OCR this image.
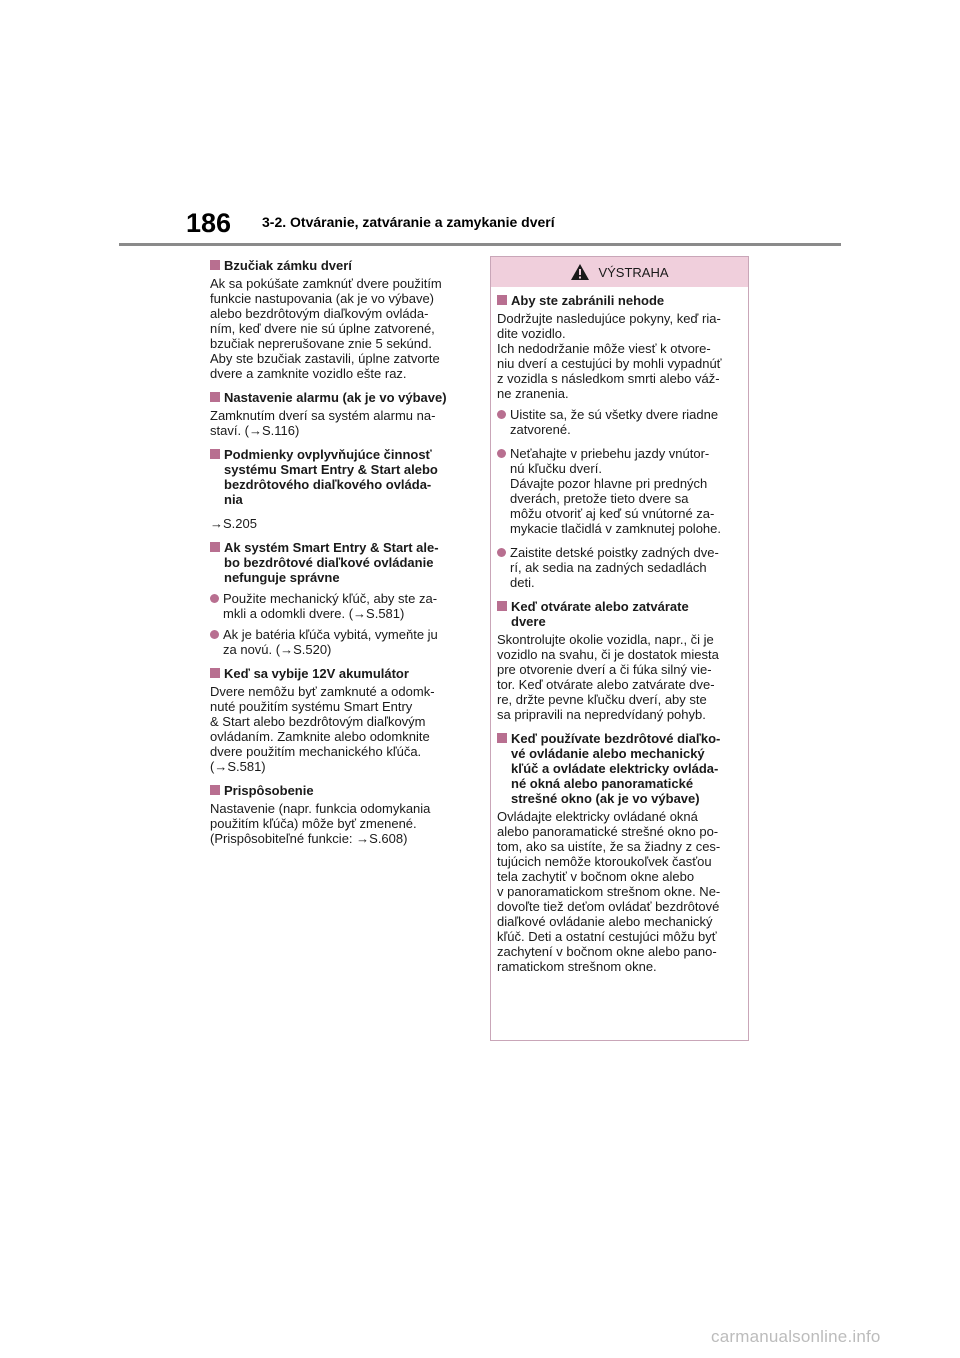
186 3-2. Otváranie, zatváranie a zamykanie dverí
Bzučiak zámku dverí
Ak sa pokúšate zamknúť dvere použitím
funkcie nastupovania (ak je vo výbave)
alebo bezdrôtovým diaľkovým ovláda-
ním, keď dvere nie sú úplne zatvorené,
bzučiak neprerušovane znie 5 sekúnd.
Aby ste bzučiak zastavili, úplne zatvorte
dvere a zamknite vozidlo ešte raz.
Nastavenie alarmu (ak je vo výbave)
Zamknutím dverí sa systém alarmu na-
staví. (→S.116)
Podmienky ovplyvňujúce činnosť
systému Smart Entry & Start alebo
bezdrôtového diaľkového ovláda-
nia
→S.205
Ak systém Smart Entry & Start ale-
bo bezdrôtové diaľkové ovládanie
nefunguje správne
Použite mechanický kľúč, aby ste za-
mkli a odomkli dvere. (→S.581)
Ak je batéria kľúča vybitá, vymeňte ju
za novú. (→S.520)
Keď sa vybije 12V akumulátor
Dvere nemôžu byť zamknuté a odomk-
nuté použitím systému Smart Entry
& Start alebo bezdrôtovým diaľkovým
ovládaním. Zamknite alebo odomknite
dvere použitím mechanického kľúča.
(→S.581)
Prispôsobenie
Nastavenie (napr. funkcia odomykania
použitím kľúča) môže byť zmenené.
(Prispôsobiteľné funkcie: →S.608)
VÝSTRAHA
Aby ste zabránili nehode
Dodržujte nasledujúce pokyny, keď ria-
dite vozidlo.
Ich nedodržanie môže viesť k otvore-
niu dverí a cestujúci by mohli vypadnúť
z vozidla s následkom smrti alebo váž-
ne zranenia.
Uistite sa, že sú všetky dvere riadne
zatvorené.
Neťahajte v priebehu jazdy vnútor-
nú kľučku dverí.
Dávajte pozor hlavne pri predných
dverách, pretože tieto dvere sa
môžu otvoriť aj keď sú vnútorné za-
mykacie tlačidlá v zamknutej polohe.
Zaistite detské poistky zadných dve-
rí, ak sedia na zadných sedadlách
deti.
Keď otvárate alebo zatvárate
dvere
Skontrolujte okolie vozidla, napr., či je
vozidlo na svahu, či je dostatok miesta
pre otvorenie dverí a či fúka silný vie-
tor. Keď otvárate alebo zatvárate dve-
re, držte pevne kľučku dverí, aby ste
sa pripravili na nepredvídaný pohyb.
Keď používate bezdrôtové diaľko-
vé ovládanie alebo mechanický
kľúč a ovládate elektricky ovláda-
né okná alebo panoramatické
strešné okno (ak je vo výbave)
Ovládajte elektricky ovládané okná
alebo panoramatické strešné okno po-
tom, ako sa uistíte, že sa žiadny z ces-
tujúcich nemôže ktoroukoľvek časťou
tela zachytiť v bočnom okne alebo
v panoramatickom strešnom okne. Ne-
dovoľte tiež deťom ovládať bezdrôtové
diaľkové ovládanie alebo mechanický
kľúč. Deti a ostatní cestujúci môžu byť
zachytení v bočnom okne alebo pano-
ramatickom strešnom okne.
carmanualsonline.info
